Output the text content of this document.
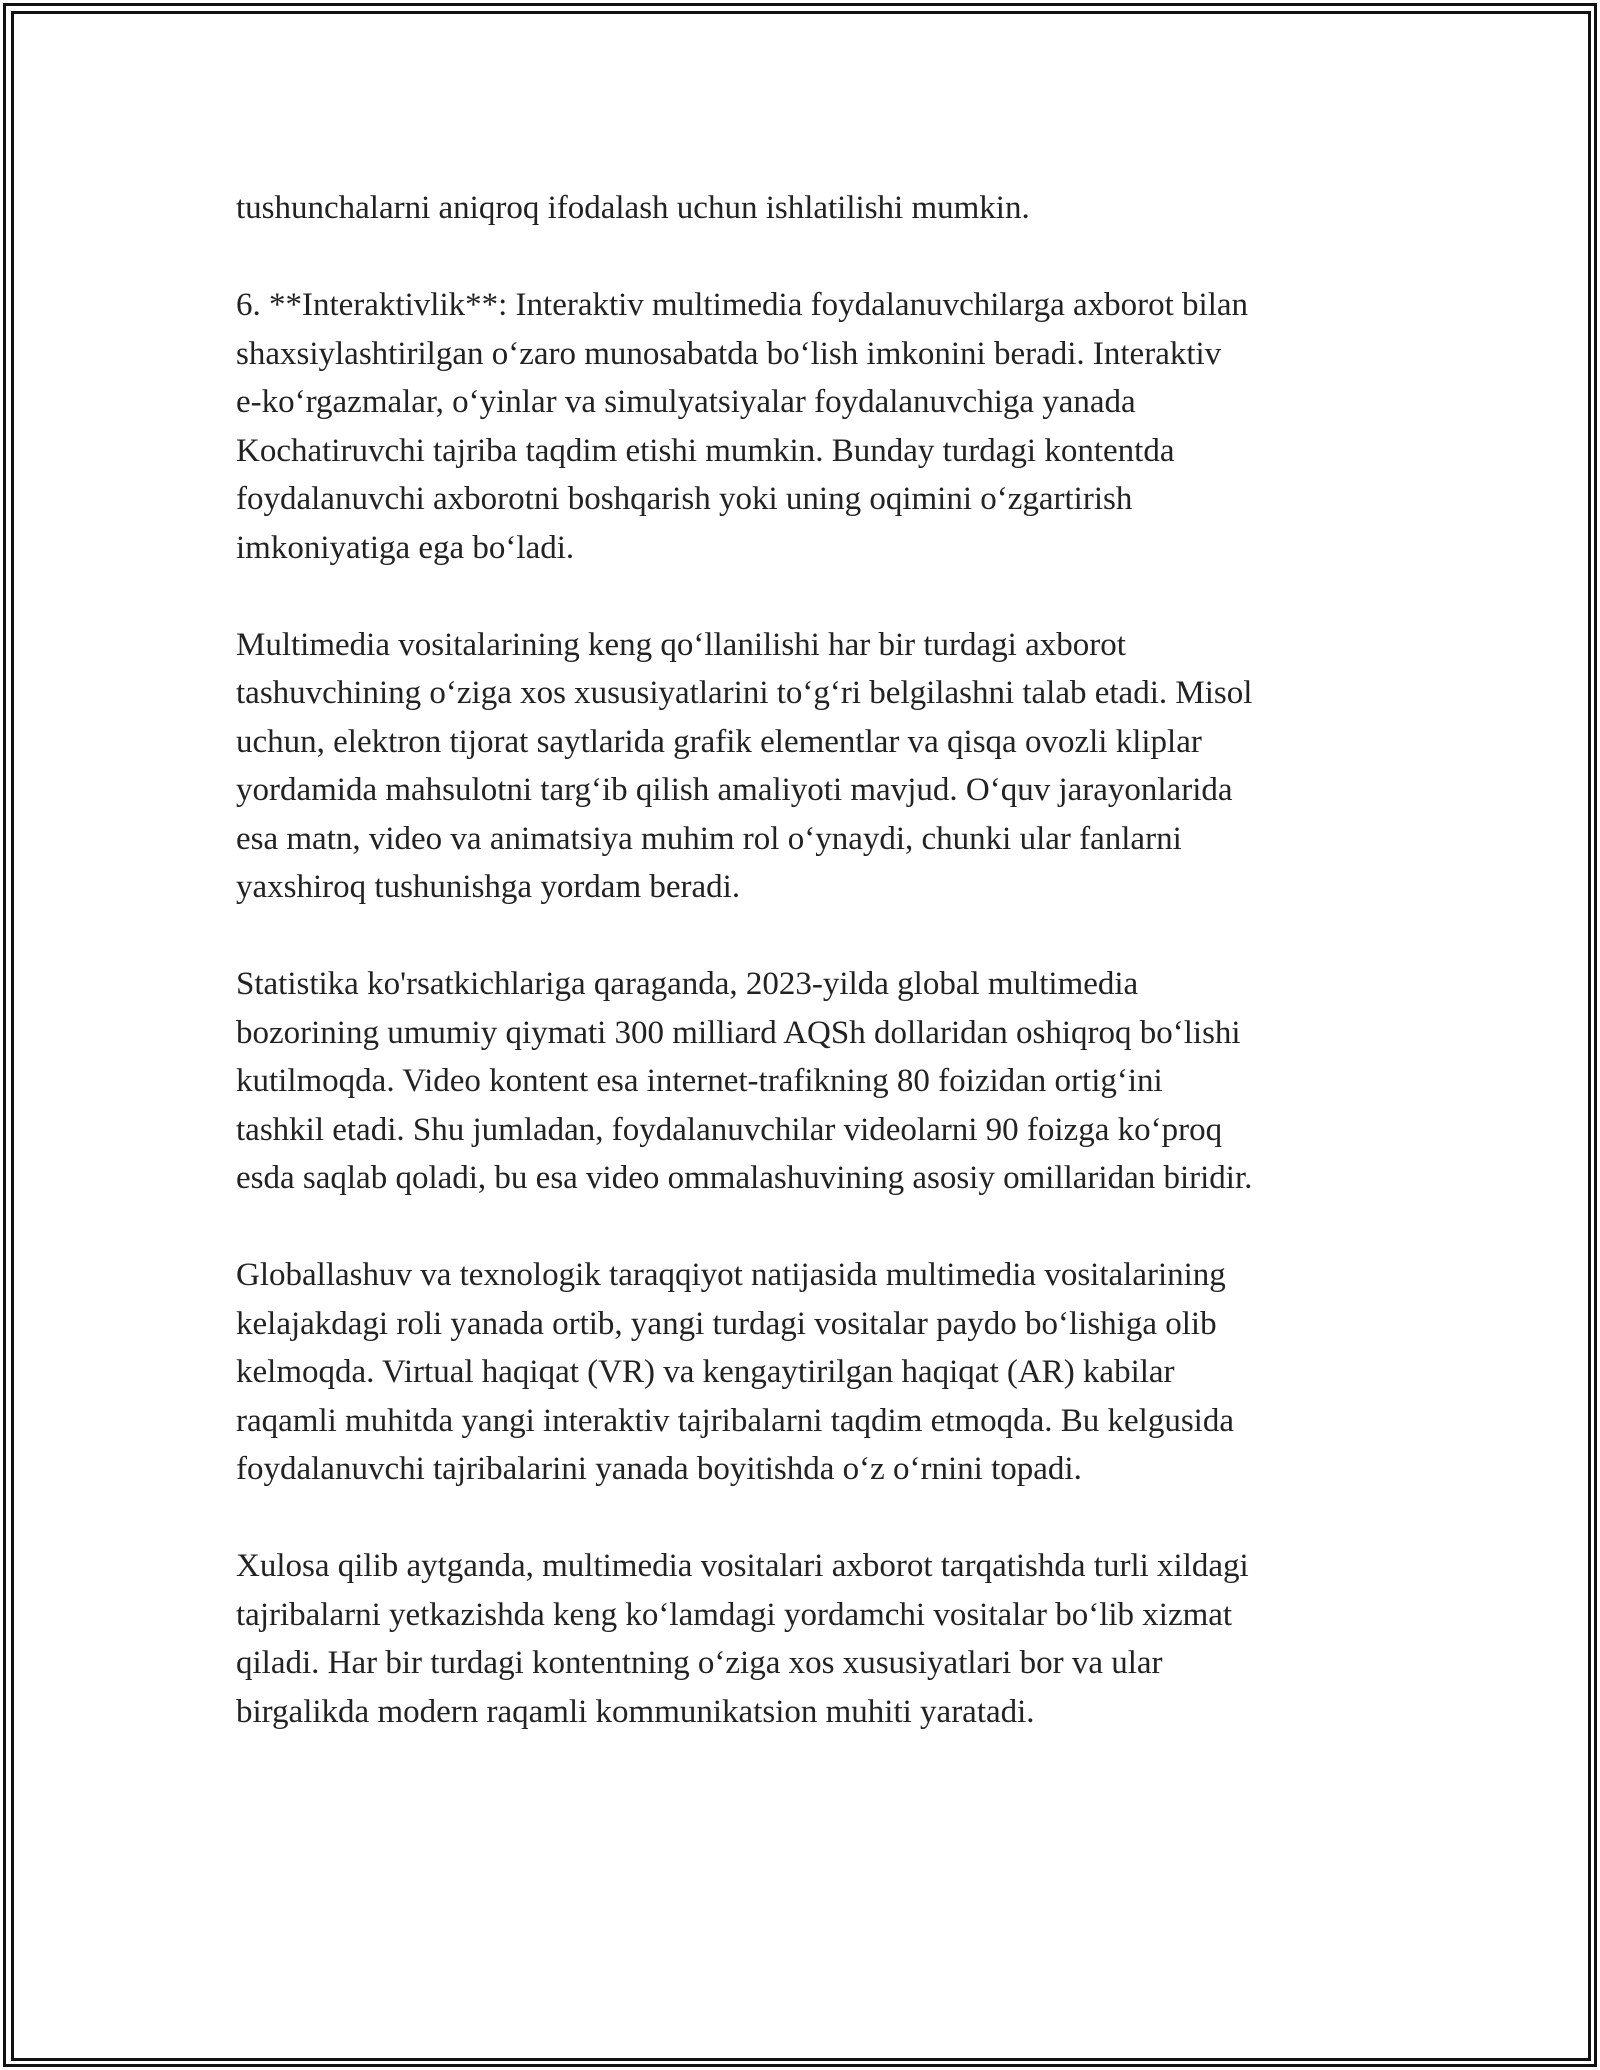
tushunchalarni aniqroq ifodalash uchun ishlatilishi mumkin.

6. **Interaktivlik**: Interaktiv multimedia foydalanuvchilarga axborot bilan
shaxsiylashtirilgan o‘zaro munosabatda bo‘lish imkonini beradi. Interaktiv
e-ko‘rgazmalar, o‘yinlar va simulyatsiyalar foydalanuvchiga yanada
Kochatiruvchi tajriba taqdim etishi mumkin. Bunday turdagi kontentda
foydalanuvchi axborotni boshqarish yoki uning oqimini o‘zgartirish
imkoniyatiga ega bo‘ladi.

Multimedia vositalarining keng qo‘llanilishi har bir turdagi axborot
tashuvchining o‘ziga xos xususiyatlarini to‘g‘ri belgilashni talab etadi. Misol
uchun, elektron tijorat saytlarida grafik elementlar va qisqa ovozli kliplar
yordamida mahsulotni targ‘ib qilish amaliyoti mavjud. O‘quv jarayonlarida
esa matn, video va animatsiya muhim rol o‘ynaydi, chunki ular fanlarni
yaxshiroq tushunishga yordam beradi.

Statistika ko'rsatkichlariga qaraganda, 2023-yilda global multimedia
bozorining umumiy qiymati 300 milliard AQSh dollaridan oshiqroq bo‘lishi
kutilmoqda. Video kontent esa internet-trafikning 80 foizidan ortig‘ini
tashkil etadi. Shu jumladan, foydalanuvchilar videolarni 90 foizga ko‘proq
esda saqlab qoladi, bu esa video ommalashuvining asosiy omillaridan biridir.

Globallashuv va texnologik taraqqiyot natijasida multimedia vositalarining
kelajakdagi roli yanada ortib, yangi turdagi vositalar paydo bo‘lishiga olib
kelmoqda. Virtual haqiqat (VR) va kengaytirilgan haqiqat (AR) kabilar
raqamli muhitda yangi interaktiv tajribalarni taqdim etmoqda. Bu kelgusida
foydalanuvchi tajribalarini yanada boyitishda o‘z o‘rnini topadi.

Xulosa qilib aytganda, multimedia vositalari axborot tarqatishda turli xildagi
tajribalarni yetkazishda keng ko‘lamdagi yordamchi vositalar bo‘lib xizmat
qiladi. Har bir turdagi kontentning o‘ziga xos xususiyatlari bor va ular
birgalikda modern raqamli kommunikatsion muhiti yaratadi.
